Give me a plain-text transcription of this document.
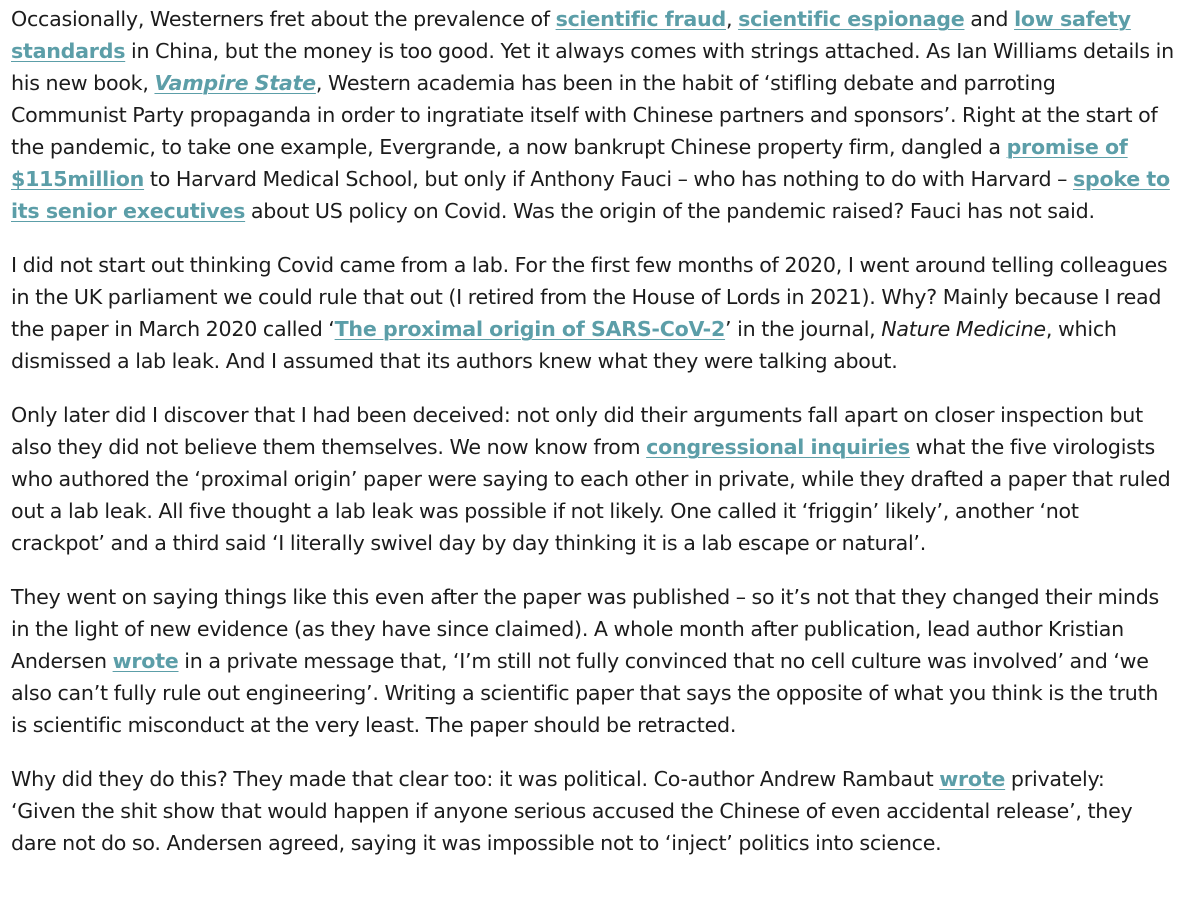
Occasionally, Westerners fret about the prevalence of scientific fraud, scientific espionage and low safety standards in China, but the money is too good. Yet it always comes with strings attached. As Ian Williams details in his new book, Vampire State, Western academia has been in the habit of ‘stifling debate and parroting Communist Party propaganda in order to ingratiate itself with Chinese partners and sponsors’. Right at the start of the pandemic, to take one example, Evergrande, a now bankrupt Chinese property firm, dangled a promise of $115million to Harvard Medical School, but only if Anthony Fauci – who has nothing to do with Harvard – spoke to its senior executives about US policy on Covid. Was the origin of the pandemic raised? Fauci has not said.

I did not start out thinking Covid came from a lab. For the first few months of 2020, I went around telling colleagues in the UK parliament we could rule that out (I retired from the House of Lords in 2021). Why? Mainly because I read the paper in March 2020 called ‘The proximal origin of SARS-CoV-2’ in the journal, Nature Medicine, which dismissed a lab leak. And I assumed that its authors knew what they were talking about.

Only later did I discover that I had been deceived: not only did their arguments fall apart on closer inspection but also they did not believe them themselves. We now know from congressional inquiries what the five virologists who authored the ‘proximal origin’ paper were saying to each other in private, while they drafted a paper that ruled out a lab leak. All five thought a lab leak was possible if not likely. One called it ‘friggin’ likely’, another ‘not crackpot’ and a third said ‘I literally swivel day by day thinking it is a lab escape or natural’.

They went on saying things like this even after the paper was published – so it’s not that they changed their minds in the light of new evidence (as they have since claimed). A whole month after publication, lead author Kristian Andersen wrote in a private message that, ‘I’m still not fully convinced that no cell culture was involved’ and ‘we also can’t fully rule out engineering’. Writing a scientific paper that says the opposite of what you think is the truth is scientific misconduct at the very least. The paper should be retracted.

Why did they do this? They made that clear too: it was political. Co-author Andrew Rambaut wrote privately: ‘Given the shit show that would happen if anyone serious accused the Chinese of even accidental release’, they dare not do so. Andersen agreed, saying it was impossible not to ‘inject’ politics into science.
